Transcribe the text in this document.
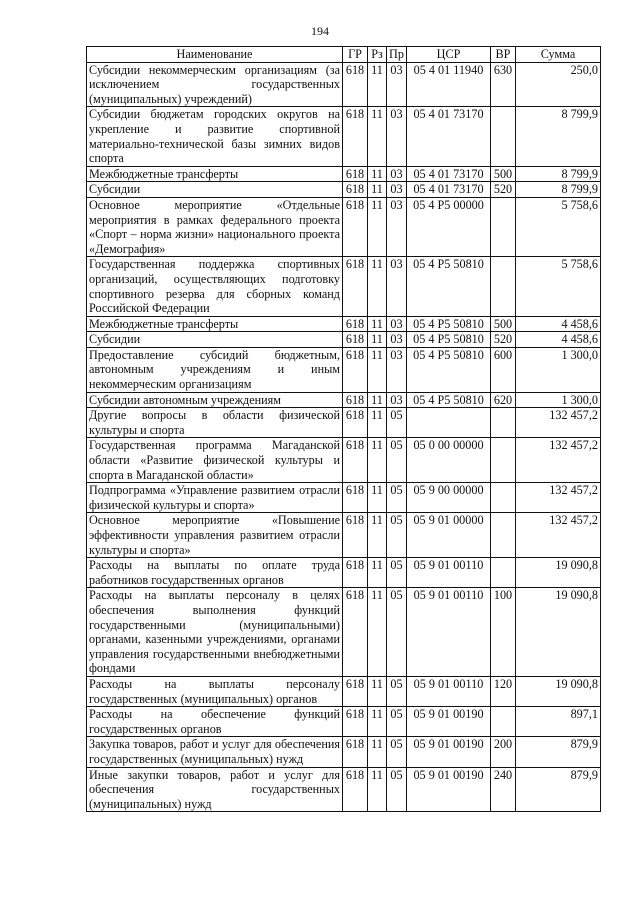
194
Наименование	ГР	Рз	Пр	ЦСР	ВР	Сумма
Субсидии некоммерческим организациям (за исключением государственных (муниципальных) учреждений)	618	11	03	05 4 01 11940	630	250,0
Субсидии бюджетам городских округов на укрепление и развитие спортивной материально-технической базы зимних видов спорта	618	11	03	05 4 01 73170		8 799,9
Межбюджетные трансферты	618	11	03	05 4 01 73170	500	8 799,9
Субсидии	618	11	03	05 4 01 73170	520	8 799,9
Основное мероприятие «Отдельные мероприятия в рамках федерального проекта «Спорт – норма жизни» национального проекта «Демография»	618	11	03	05 4 P5 00000		5 758,6
Государственная поддержка спортивных организаций, осуществляющих подготовку спортивного резерва для сборных команд Российской Федерации	618	11	03	05 4 P5 50810		5 758,6
Межбюджетные трансферты	618	11	03	05 4 P5 50810	500	4 458,6
Субсидии	618	11	03	05 4 P5 50810	520	4 458,6
Предоставление субсидий бюджетным, автономным учреждениям и иным некоммерческим организациям	618	11	03	05 4 P5 50810	600	1 300,0
Субсидии автономным учреждениям	618	11	03	05 4 P5 50810	620	1 300,0
Другие вопросы в области физической культуры и спорта	618	11	05			132 457,2
Государственная программа Магаданской области «Развитие физической культуры и спорта в Магаданской области»	618	11	05	05 0 00 00000		132 457,2
Подпрограмма «Управление развитием отрасли физической культуры и спорта»	618	11	05	05 9 00 00000		132 457,2
Основное мероприятие «Повышение эффективности управления развитием отрасли культуры и спорта»	618	11	05	05 9 01 00000		132 457,2
Расходы на выплаты по оплате труда работников государственных органов	618	11	05	05 9 01 00110		19 090,8
Расходы на выплаты персоналу в целях обеспечения выполнения функций государственными (муниципальными) органами, казенными учреждениями, органами управления государственными внебюджетными фондами	618	11	05	05 9 01 00110	100	19 090,8
Расходы на выплаты персоналу государственных (муниципальных) органов	618	11	05	05 9 01 00110	120	19 090,8
Расходы на обеспечение функций государственных органов	618	11	05	05 9 01 00190		897,1
Закупка товаров, работ и услуг для обеспечения государственных (муниципальных) нужд	618	11	05	05 9 01 00190	200	879,9
Иные закупки товаров, работ и услуг для обеспечения государственных (муниципальных) нужд	618	11	05	05 9 01 00190	240	879,9
